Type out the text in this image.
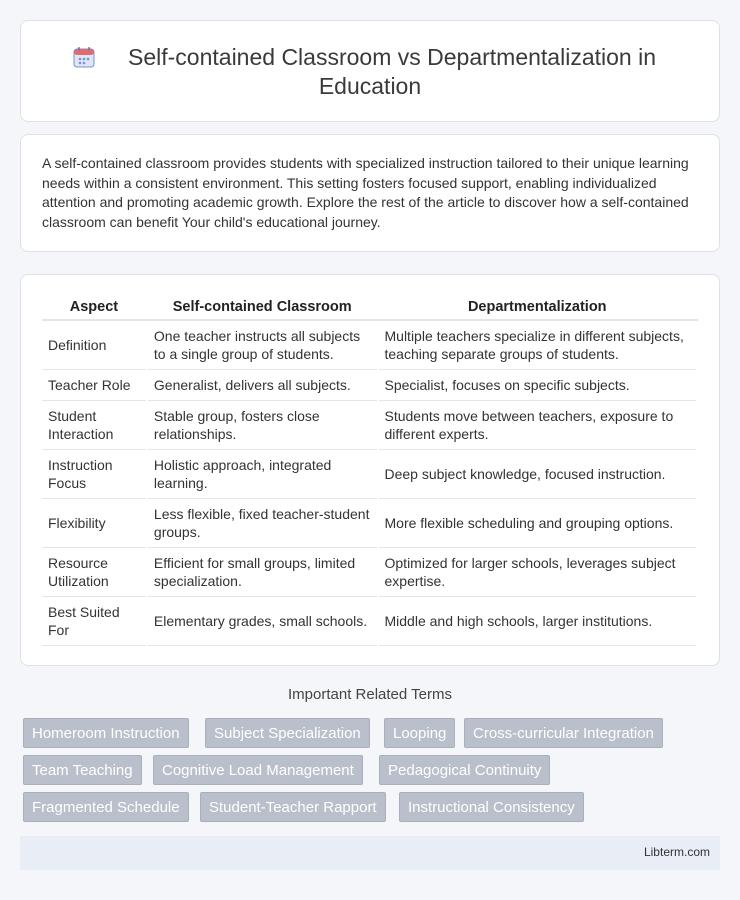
Self-contained Classroom vs Departmentalization in
Education

A self-contained classroom provides students with specialized instruction tailored to their unique learning needs within a consistent environment. This setting fosters focused support, enabling individualized attention and promoting academic growth. Explore the rest of the article to discover how a self-contained classroom can benefit Your child's educational journey.

Aspect	Self-contained Classroom	Departmentalization
Definition	One teacher instructs all subjects to a single group of students.	Multiple teachers specialize in different subjects, teaching separate groups of students.
Teacher Role	Generalist, delivers all subjects.	Specialist, focuses on specific subjects.
Student Interaction	Stable group, fosters close relationships.	Students move between teachers, exposure to different experts.
Instruction Focus	Holistic approach, integrated learning.	Deep subject knowledge, focused instruction.
Flexibility	Less flexible, fixed teacher-student groups.	More flexible scheduling and grouping options.
Resource Utilization	Efficient for small groups, limited specialization.	Optimized for larger schools, leverages subject expertise.
Best Suited For	Elementary grades, small schools.	Middle and high schools, larger institutions.
Important Related Terms
Homeroom Instruction	Subject Specialization	Looping	Cross-curricular Integration
Team Teaching	Cognitive Load Management	Pedagogical Continuity
Fragmented Schedule	Student-Teacher Rapport	Instructional Consistency
Libterm.com
